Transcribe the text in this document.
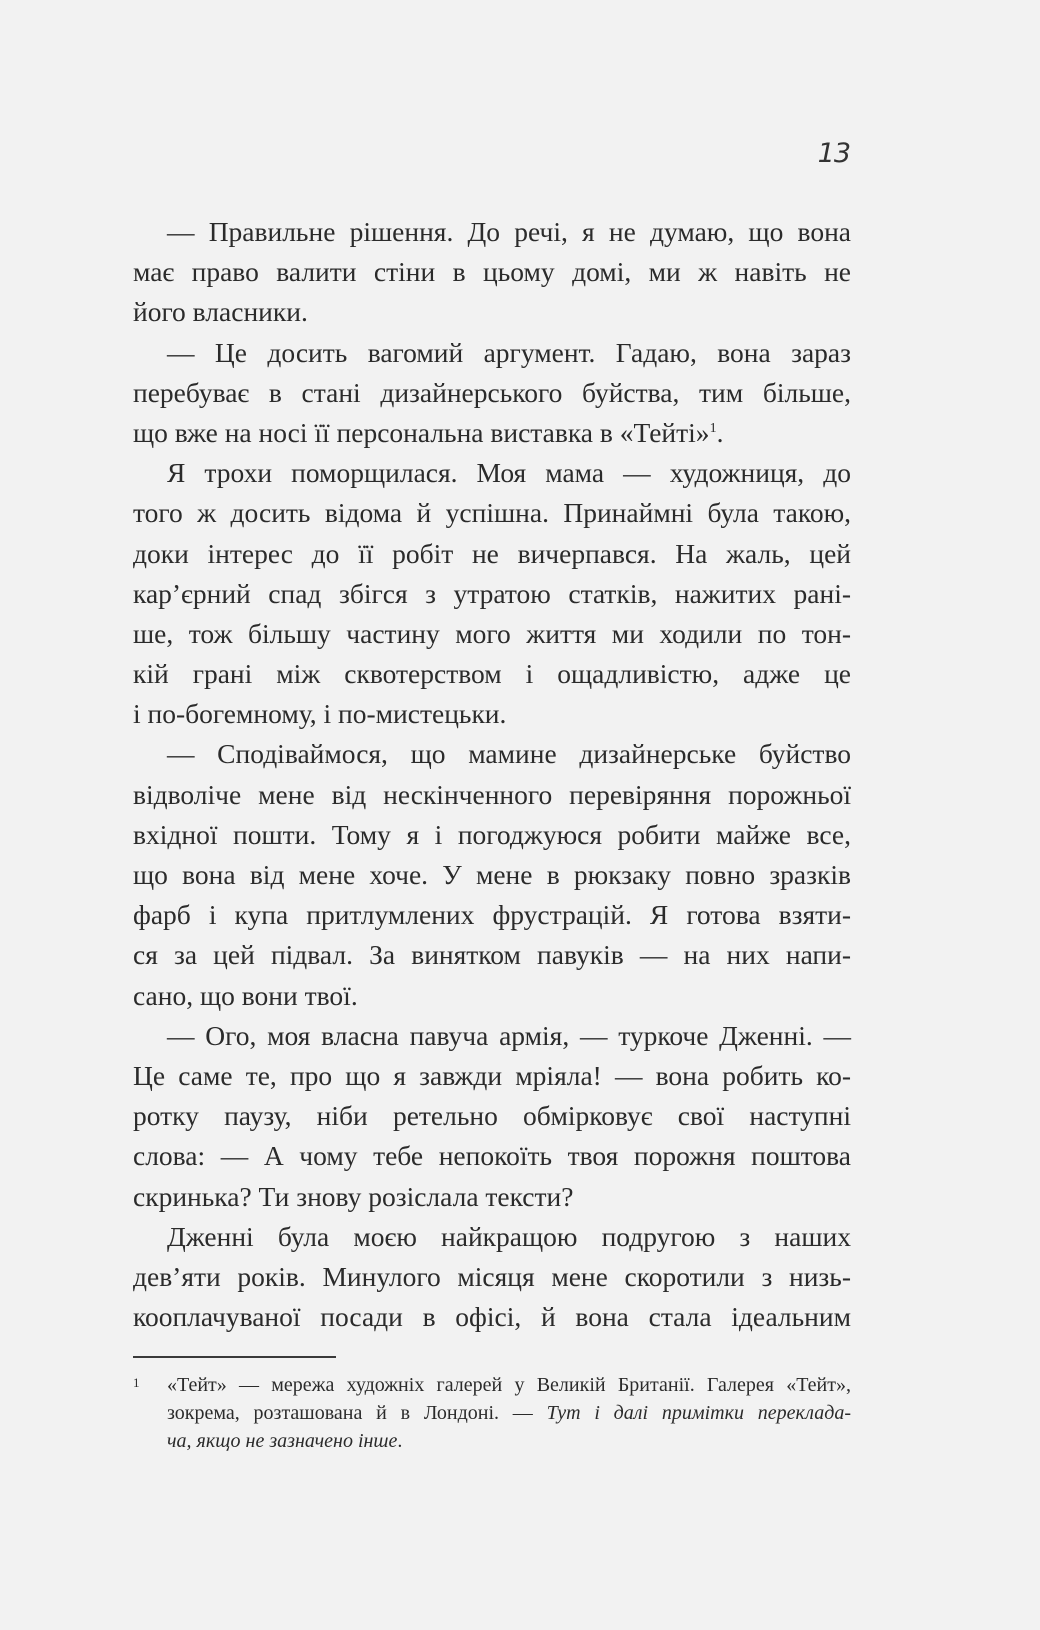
13
— Правильне рішення. До речі, я не думаю, що вона
має право валити стіни в цьому домі, ми ж навіть не
його власники.
— Це досить вагомий аргумент. Гадаю, вона зараз
перебуває в стані дизайнерського буйства, тим більше,
що вже на носі її персональна виставка в «Тейті»$^1$.
Я трохи поморщилася. Моя мама — художниця, до
того ж досить відома й успішна. Принаймні була такою,
доки інтерес до її робіт не вичерпався. На жаль, цей
кар’єрний спад збігся з утратою статків, нажитих рані-
ше, тож більшу частину мого життя ми ходили по тон-
кій грані між сквотерством і ощадливістю, адже це
і по-богемному, і по-мистецьки.
— Сподіваймося, що мамине дизайнерське буйство
відволіче мене від нескінченного перевіряння порожньої
вхідної пошти. Тому я і погоджуюся робити майже все,
що вона від мене хоче. У мене в рюкзаку повно зразків
фарб і купа притлумлених фрустрацій. Я готова взяти-
ся за цей підвал. За винятком павуків — на них напи-
сано, що вони твої.
— Ого, моя власна павуча армія, — туркоче Дженні. —
Це саме те, про що я завжди мріяла! — вона робить ко-
ротку паузу, ніби ретельно обмірковує свої наступні
слова: — А чому тебе непокоїть твоя порожня поштова
скринька? Ти знову розіслала тексти?
Дженні була моєю найкращою подругою з наших
дев’яти років. Минулого місяця мене скоротили з низь-
кооплачуваної посади в офісі, й вона стала ідеальним
1 «Тейт» — мережа художніх галерей у Великій Британії. Галерея «Тейт»,
зокрема, розташована й в Лондоні. — Тут і далі примітки переклада-
ча, якщо не зазначено інше.
